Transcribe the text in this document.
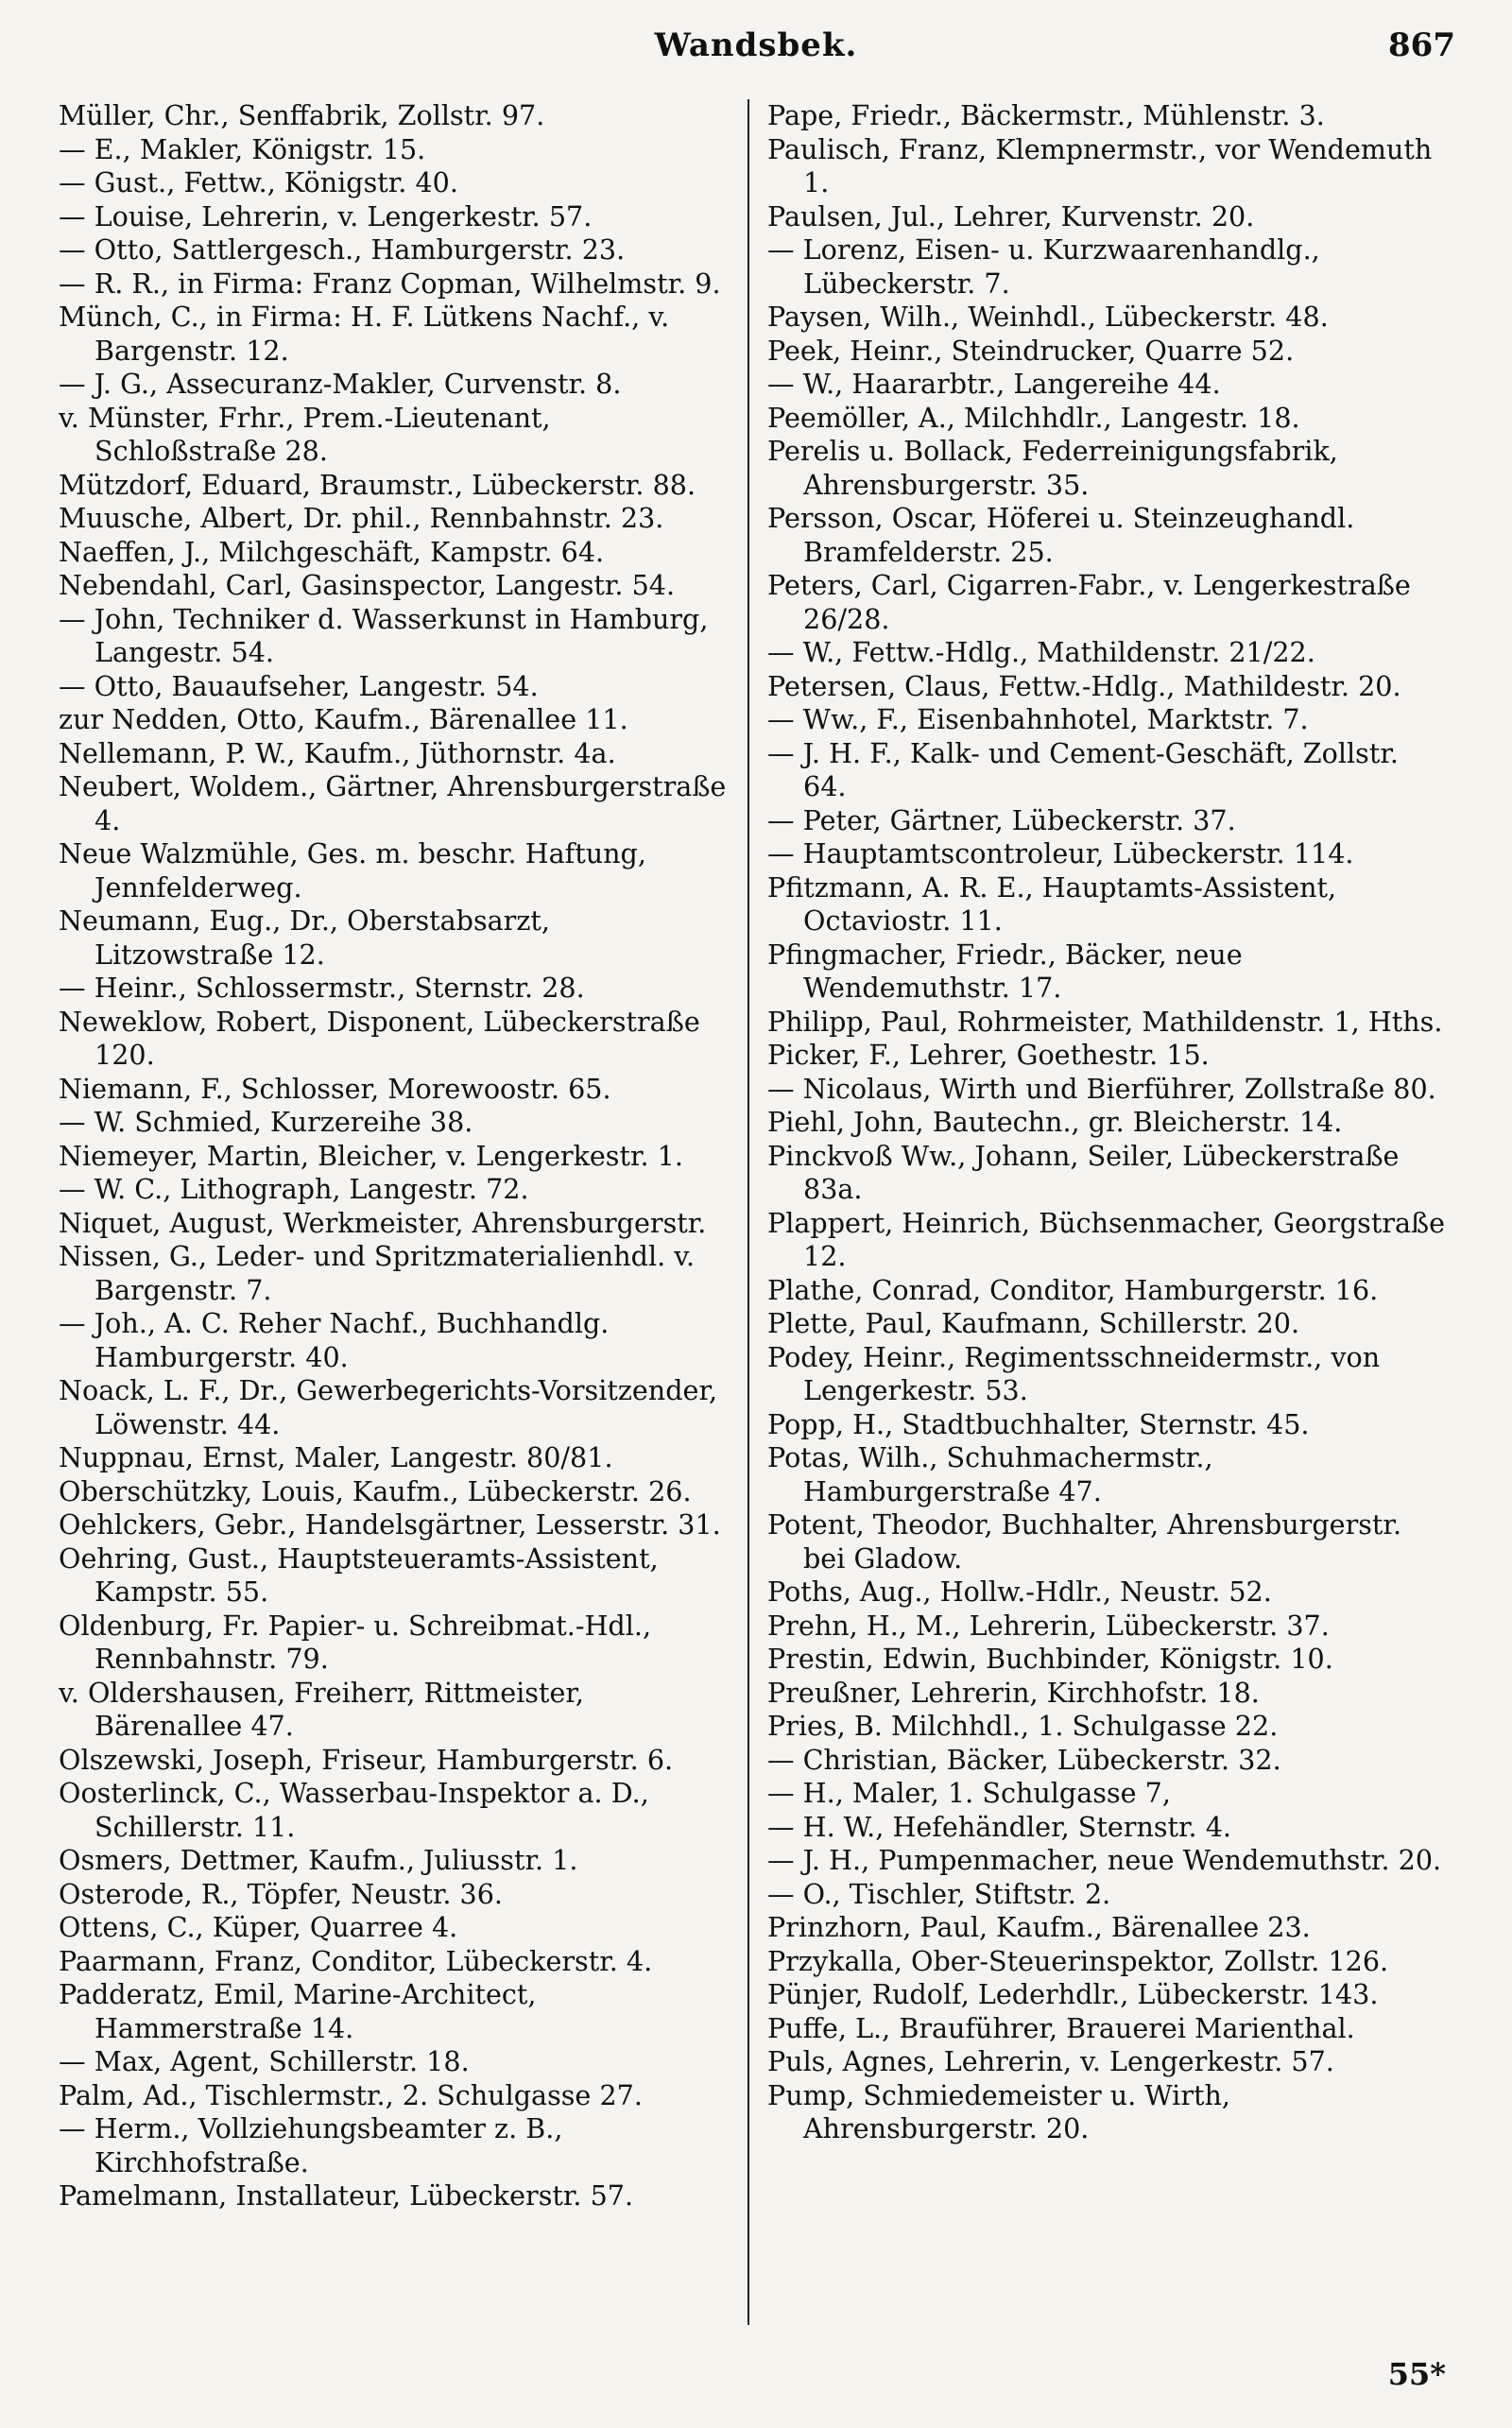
Wandsbek.	867
Müller, Chr., Senffabrik, Zollstr. 97.
— E., Makler, Königstr. 15.
— Gust., Fettw., Königstr. 40.
— Louise, Lehrerin, v. Lengerkestr. 57.
— Otto, Sattlergesch., Hamburgerstr. 23.
— R. R., in Firma: Franz Copman, Wilhelmstr. 9.
Münch, C., in Firma: H. F. Lütkens Nachf., v. Bargenstr. 12.
— J. G., Assecuranz-Makler, Curvenstr. 8.
v. Münster, Frhr., Prem.-Lieutenant, Schloßstraße 28.
Mützdorf, Eduard, Braumstr., Lübeckerstr. 88.
Muusche, Albert, Dr. phil., Rennbahnstr. 23.
Naeffen, J., Milchgeschäft, Kampstr. 64.
Nebendahl, Carl, Gasinspector, Langestr. 54.
— John, Techniker d. Wasserkunst in Hamburg, Langestr. 54.
— Otto, Bauaufseher, Langestr. 54.
zur Nedden, Otto, Kaufm., Bärenallee 11.
Nellemann, P. W., Kaufm., Jüthornstr. 4a.
Neubert, Woldem., Gärtner, Ahrensburgerstraße 4.
Neue Walzmühle, Ges. m. beschr. Haftung, Jennfelderweg.
Neumann, Eug., Dr., Oberstabsarzt, Litzowstraße 12.
— Heinr., Schlossermstr., Sternstr. 28.
Neweklow, Robert, Disponent, Lübeckerstraße 120.
Niemann, F., Schlosser, Morewoostr. 65.
— W. Schmied, Kurzereihe 38.
Niemeyer, Martin, Bleicher, v. Lengerkestr. 1.
— W. C., Lithograph, Langestr. 72.
Niquet, August, Werkmeister, Ahrensburgerstr.
Nissen, G., Leder- und Spritzmaterialienhdl. v. Bargenstr. 7.
— Joh., A. C. Reher Nachf., Buchhandlg. Hamburgerstr. 40.
Noack, L. F., Dr., Gewerbegerichts-Vorsitzender, Löwenstr. 44.
Nuppnau, Ernst, Maler, Langestr. 80/81.
Oberschützky, Louis, Kaufm., Lübeckerstr. 26.
Oehlckers, Gebr., Handelsgärtner, Lesserstr. 31.
Oehring, Gust., Hauptsteueramts-Assistent, Kampstr. 55.
Oldenburg, Fr. Papier- u. Schreibmat.-Hdl., Rennbahnstr. 79.
v. Oldershausen, Freiherr, Rittmeister, Bärenallee 47.
Olszewski, Joseph, Friseur, Hamburgerstr. 6.
Oosterlinck, C., Wasserbau-Inspektor a. D., Schillerstr. 11.
Osmers, Dettmer, Kaufm., Juliusstr. 1.
Osterode, R., Töpfer, Neustr. 36.
Ottens, C., Küper, Quarree 4.
Paarmann, Franz, Conditor, Lübeckerstr. 4.
Padderatz, Emil, Marine-Architect, Hammerstraße 14.
— Max, Agent, Schillerstr. 18.
Palm, Ad., Tischlermstr., 2. Schulgasse 27.
— Herm., Vollziehungsbeamter z. B., Kirchhofstraße.
Pamelmann, Installateur, Lübeckerstr. 57.
Pape, Friedr., Bäckermstr., Mühlenstr. 3.
Paulisch, Franz, Klempnermstr., vor Wendemuth 1.
Paulsen, Jul., Lehrer, Kurvenstr. 20.
— Lorenz, Eisen- u. Kurzwaarenhandlg., Lübeckerstr. 7.
Paysen, Wilh., Weinhdl., Lübeckerstr. 48.
Peek, Heinr., Steindrucker, Quarre 52.
— W., Haararbtr., Langereihe 44.
Peemöller, A., Milchhdlr., Langestr. 18.
Perelis u. Bollack, Federreinigungsfabrik, Ahrensburgerstr. 35.
Persson, Oscar, Höferei u. Steinzeughandl. Bramfelderstr. 25.
Peters, Carl, Cigarren-Fabr., v. Lengerkestraße 26/28.
— W., Fettw.-Hdlg., Mathildenstr. 21/22.
Petersen, Claus, Fettw.-Hdlg., Mathildestr. 20.
— Ww., F., Eisenbahnhotel, Marktstr. 7.
— J. H. F., Kalk- und Cement-Geschäft, Zollstr. 64.
— Peter, Gärtner, Lübeckerstr. 37.
— Hauptamtscontroleur, Lübeckerstr. 114.
Pfitzmann, A. R. E., Hauptamts-Assistent, Octaviostr. 11.
Pfingmacher, Friedr., Bäcker, neue Wendemuthstr. 17.
Philipp, Paul, Rohrmeister, Mathildenstr. 1, Hths.
Picker, F., Lehrer, Goethestr. 15.
— Nicolaus, Wirth und Bierführer, Zollstraße 80.
Piehl, John, Bautechn., gr. Bleicherstr. 14.
Pinckvoß Ww., Johann, Seiler, Lübeckerstraße 83a.
Plappert, Heinrich, Büchsenmacher, Georgstraße 12.
Plathe, Conrad, Conditor, Hamburgerstr. 16.
Plette, Paul, Kaufmann, Schillerstr. 20.
Podey, Heinr., Regimentsschneidermstr., von Lengerkestr. 53.
Popp, H., Stadtbuchhalter, Sternstr. 45.
Potas, Wilh., Schuhmachermstr., Hamburgerstraße 47.
Potent, Theodor, Buchhalter, Ahrensburgerstr. bei Gladow.
Poths, Aug., Hollw.-Hdlr., Neustr. 52.
Prehn, H., M., Lehrerin, Lübeckerstr. 37.
Prestin, Edwin, Buchbinder, Königstr. 10.
Preußner, Lehrerin, Kirchhofstr. 18.
Pries, B. Milchhdl., 1. Schulgasse 22.
— Christian, Bäcker, Lübeckerstr. 32.
— H., Maler, 1. Schulgasse 7,
— H. W., Hefehändler, Sternstr. 4.
— J. H., Pumpenmacher, neue Wendemuthstr. 20.
— O., Tischler, Stiftstr. 2.
Prinzhorn, Paul, Kaufm., Bärenallee 23.
Przykalla, Ober-Steuerinspektor, Zollstr. 126.
Pünjer, Rudolf, Lederhdlr., Lübeckerstr. 143.
Puffe, L., Brauführer, Brauerei Marienthal.
Puls, Agnes, Lehrerin, v. Lengerkestr. 57.
Pump, Schmiedemeister u. Wirth, Ahrensburgerstr. 20.
55*
